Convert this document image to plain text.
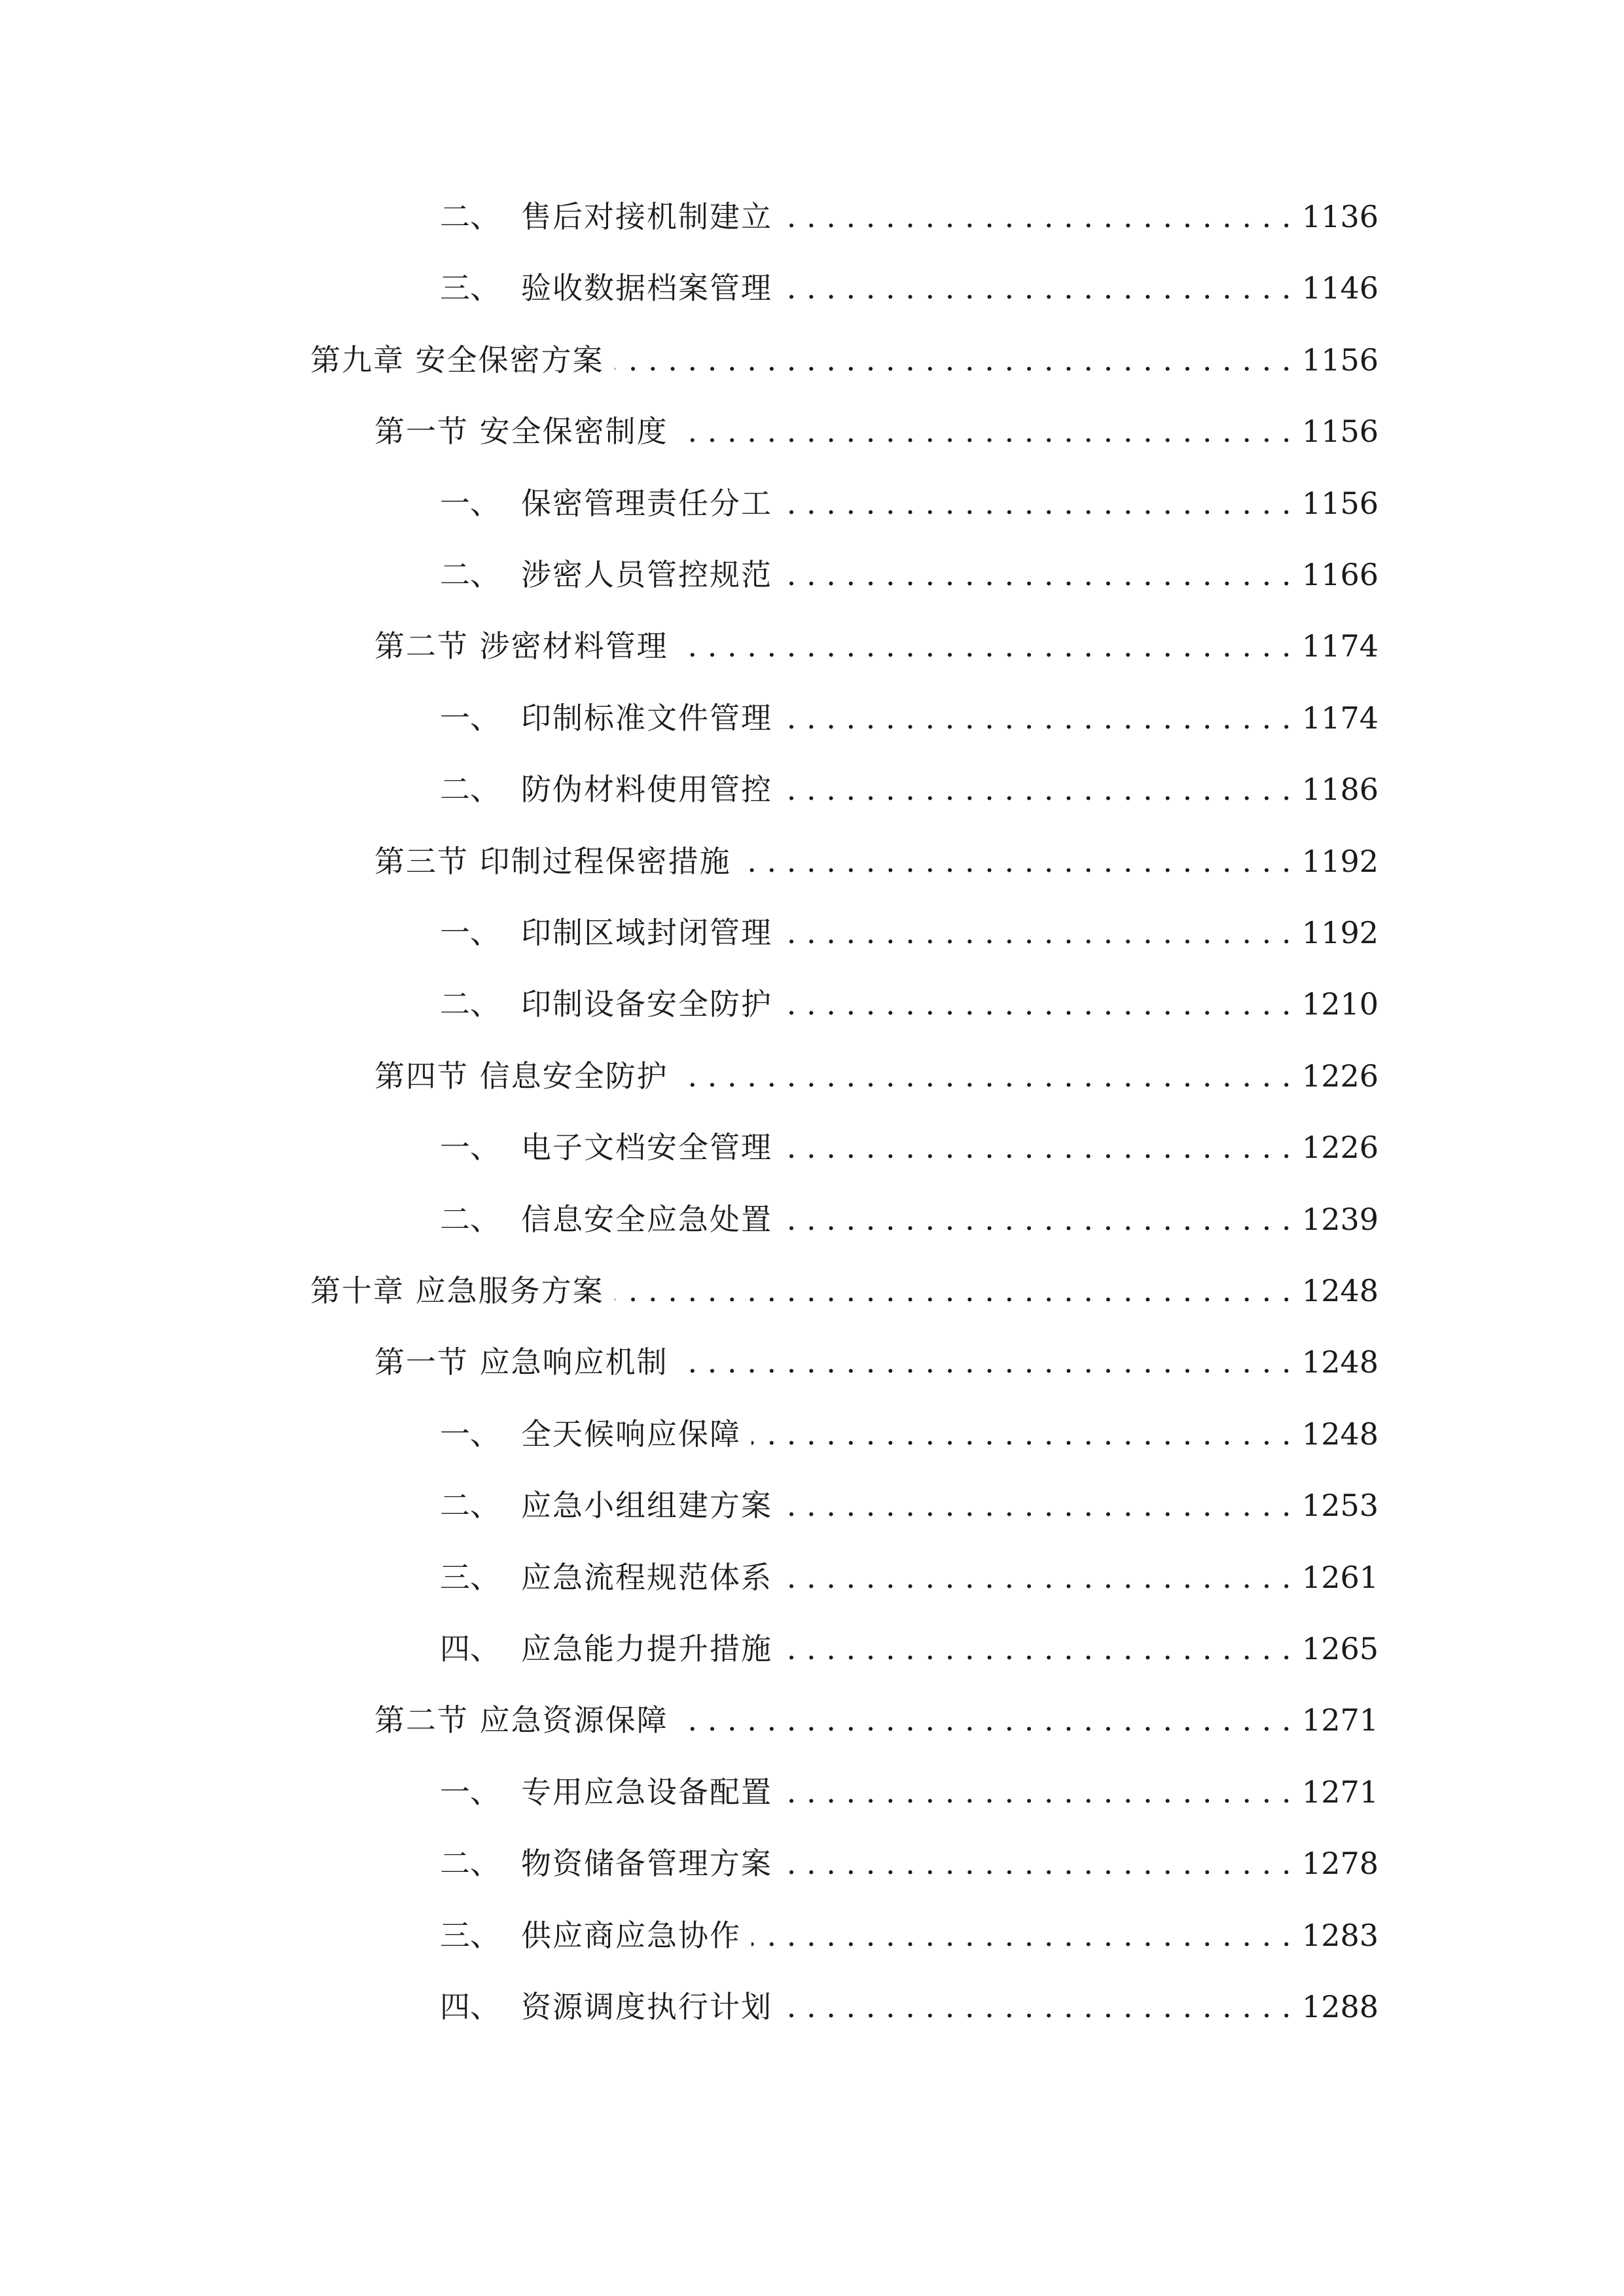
二、 售后对接机制建立 . . .	1136
三、 验收数据档案管理 . . .	1146
第九章 安全保密方案 . . .	1156
第一节 安全保密制度 . . .	1156
一、 保密管理责任分工 . . .	1156
二、 涉密人员管控规范 . . .	1166
第二节 涉密材料管理 . . .	1174
一、 印制标准文件管理 . . .	1174
二、 防伪材料使用管控 . . .	1186
第三节 印制过程保密措施 . . .	1192
一、 印制区域封闭管理 . . .	1192
二、 印制设备安全防护 . . .	1210
第四节 信息安全防护 . . .	1226
一、 电子文档安全管理 . . .	1226
二、 信息安全应急处置 . . .	1239
第十章 应急服务方案 . . .	1248
第一节 应急响应机制 . . .	1248
一、 全天候响应保障 . . .	1248
二、 应急小组组建方案 . . .	1253
三、 应急流程规范体系 . . .	1261
四、 应急能力提升措施 . . .	1265
第二节 应急资源保障 . . .	1271
一、 专用应急设备配置 . . .	1271
二、 物资储备管理方案 . . .	1278
三、 供应商应急协作 . . .	1283
四、 资源调度执行计划 . . .	1288
